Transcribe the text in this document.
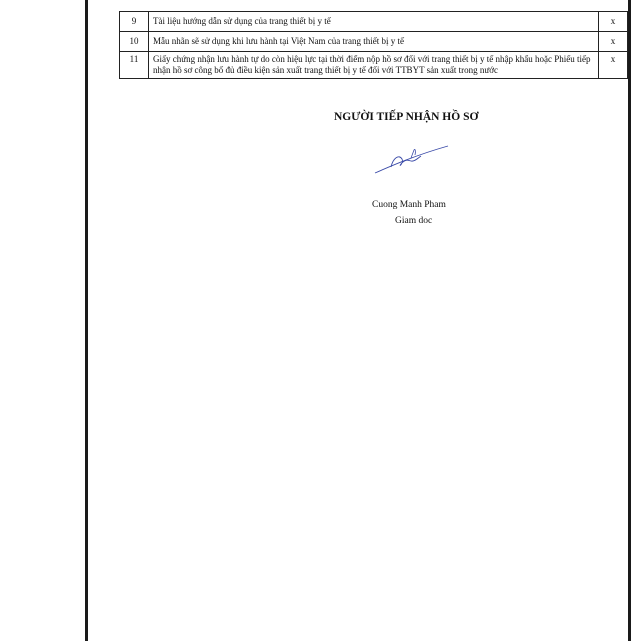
9	Tài liệu hướng dẫn sử dụng của trang thiết bị y tế	x
10	Mẫu nhãn sẽ sử dụng khi lưu hành tại Việt Nam của trang thiết bị y tế	x
11	Giấy chứng nhận lưu hành tự do còn hiệu lực tại thời điểm nộp hồ sơ đối với trang thiết bị y tế nhập khẩu hoặc Phiếu tiếp nhận hồ sơ công bố đủ điều kiện sản xuất trang thiết bị y tế đối với TTBYT sản xuất trong nước	x
NGƯỜI TIẾP NHẬN HỒ SƠ
Cuong Manh Pham
Giam doc
